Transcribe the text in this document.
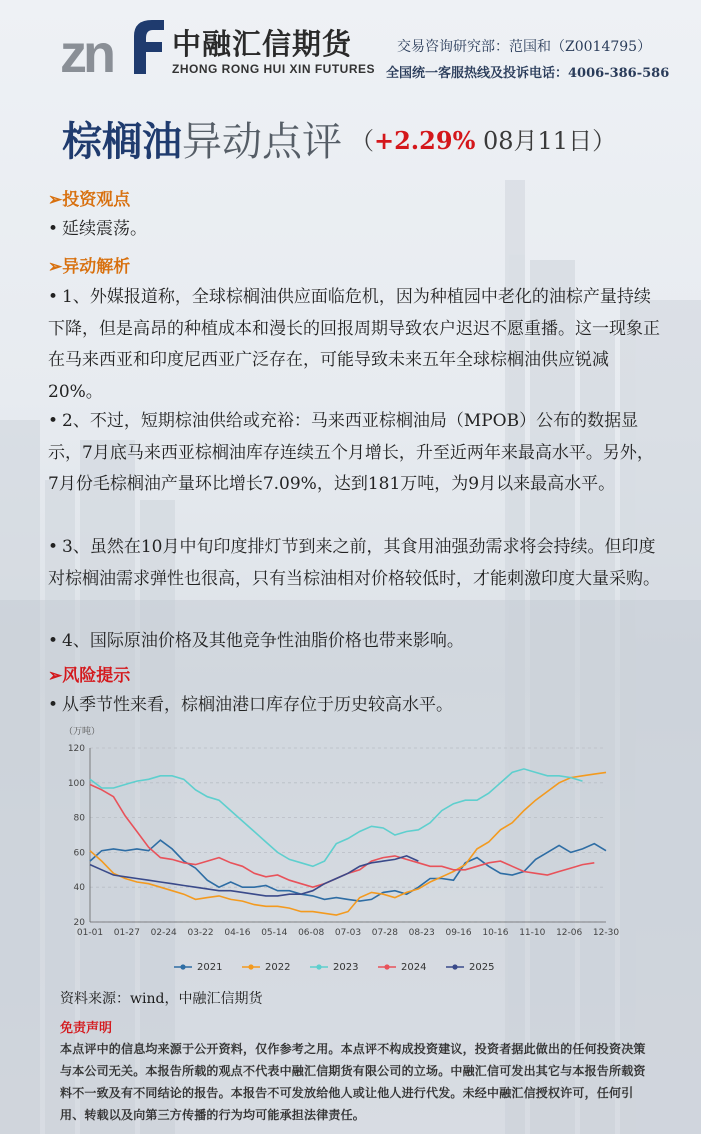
zn 中融汇信期货
ZHONG RONG HUI XIN FUTURES
交易咨询研究部：范国和（Z0014795）
全国统一客服热线及投诉电话：4006-386-586
棕榈油异动点评 （+2.29% 08月11日）
➢投资观点
• 延续震荡。
➢异动解析
• 1、外媒报道称，全球棕榈油供应面临危机，因为种植园中老化的油棕产量持续下降，但是高昂的种植成本和漫长的回报周期导致农户迟迟不愿重播。这一现象正在马来西亚和印度尼西亚广泛存在，可能导致未来五年全球棕榈油供应锐减20%。
• 2、不过，短期棕油供给或充裕：马来西亚棕榈油局（MPOB）公布的数据显示，7月底马来西亚棕榈油库存连续五个月增长，升至近两年来最高水平。另外，7月份毛棕榈油产量环比增长7.09%，达到181万吨，为9月以来最高水平。
• 3、虽然在10月中旬印度排灯节到来之前，其食用油强劲需求将会持续。但印度对棕榈油需求弹性也很高，只有当棕油相对价格较低时，才能刺激印度大量采购。
• 4、国际原油价格及其他竞争性油脂价格也带来影响。
➢风险提示
• 从季节性来看，棕榈油港口库存位于历史较高水平。
（万吨）
20
40
60
80
100
120
01-01 01-27 02-24 03-22 04-16 05-14 06-08 07-03 07-28 08-23 09-16 10-16 11-10 12-06 12-30
2021	2022	2023	2024	2025
资料来源：wind，中融汇信期货
免责声明
本点评中的信息均来源于公开资料，仅作参考之用。本点评不构成投资建议，投资者据此做出的任何投资决策与本公司无关。本报告所载的观点不代表中融汇信期货有限公司的立场。中融汇信可发出其它与本报告所载资料不一致及有不同结论的报告。本报告不可发放给他人或让他人进行代发。未经中融汇信授权许可，任何引用、转载以及向第三方传播的行为均可能承担法律责任。
